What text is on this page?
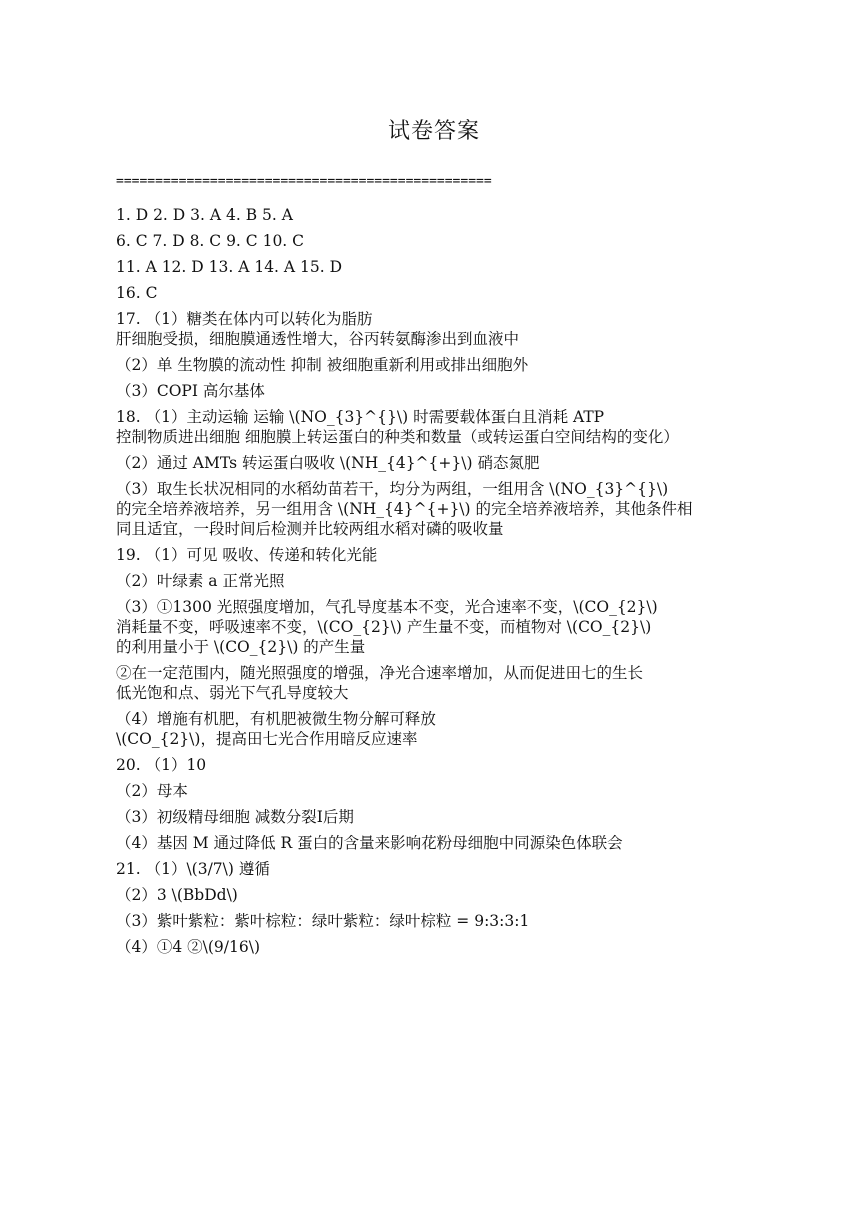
试卷答案
================================================
1. D 2. D 3. A 4. B 5. A
6. C 7. D 8. C 9. C 10. C
11. A 12. D 13. A 14. A 15. D
16. C
17. （1）糖类在体内可以转化为脂肪
肝细胞受损，细胞膜通透性增大，谷丙转氨酶渗出到血液中
（2）单 生物膜的流动性 抑制 被细胞重新利用或排出细胞外
（3）COPⅠ 高尔基体
18. （1）主动运输 运输 \(NO_{3}^{}\) 时需要载体蛋白且消耗 ATP
控制物质进出细胞 细胞膜上转运蛋白的种类和数量（或转运蛋白空间结构的变化）
（2）通过 AMTs 转运蛋白吸收 \(NH_{4}^{+}\) 硝态氮肥
（3）取生长状况相同的水稻幼苗若干，均分为两组，一组用含 \(NO_{3}^{}\)
的完全培养液培养，另一组用含 \(NH_{4}^{+}\) 的完全培养液培养，其他条件相
同且适宜，一段时间后检测并比较两组水稻对磷的吸收量
19. （1）可见 吸收、传递和转化光能
（2）叶绿素 a 正常光照
（3）①1300 光照强度增加，气孔导度基本不变，光合速率不变，\(CO_{2}\)
消耗量不变，呼吸速率不变，\(CO_{2}\) 产生量不变，而植物对 \(CO_{2}\)
的利用量小于 \(CO_{2}\) 的产生量
②在一定范围内，随光照强度的增强，净光合速率增加，从而促进田七的生长
低光饱和点、弱光下气孔导度较大
（4）增施有机肥，有机肥被微生物分解可释放
\(CO_{2}\)，提高田七光合作用暗反应速率
20. （1）10
（2）母本
（3）初级精母细胞 减数分裂Ⅰ后期
（4）基因 M 通过降低 R 蛋白的含量来影响花粉母细胞中同源染色体联会
21. （1）\(3/7\) 遵循
（2）3 \(BbDd\)
（3）紫叶紫粒：紫叶棕粒：绿叶紫粒：绿叶棕粒 = 9:3:3:1
（4）①4 ②\(9/16\)
